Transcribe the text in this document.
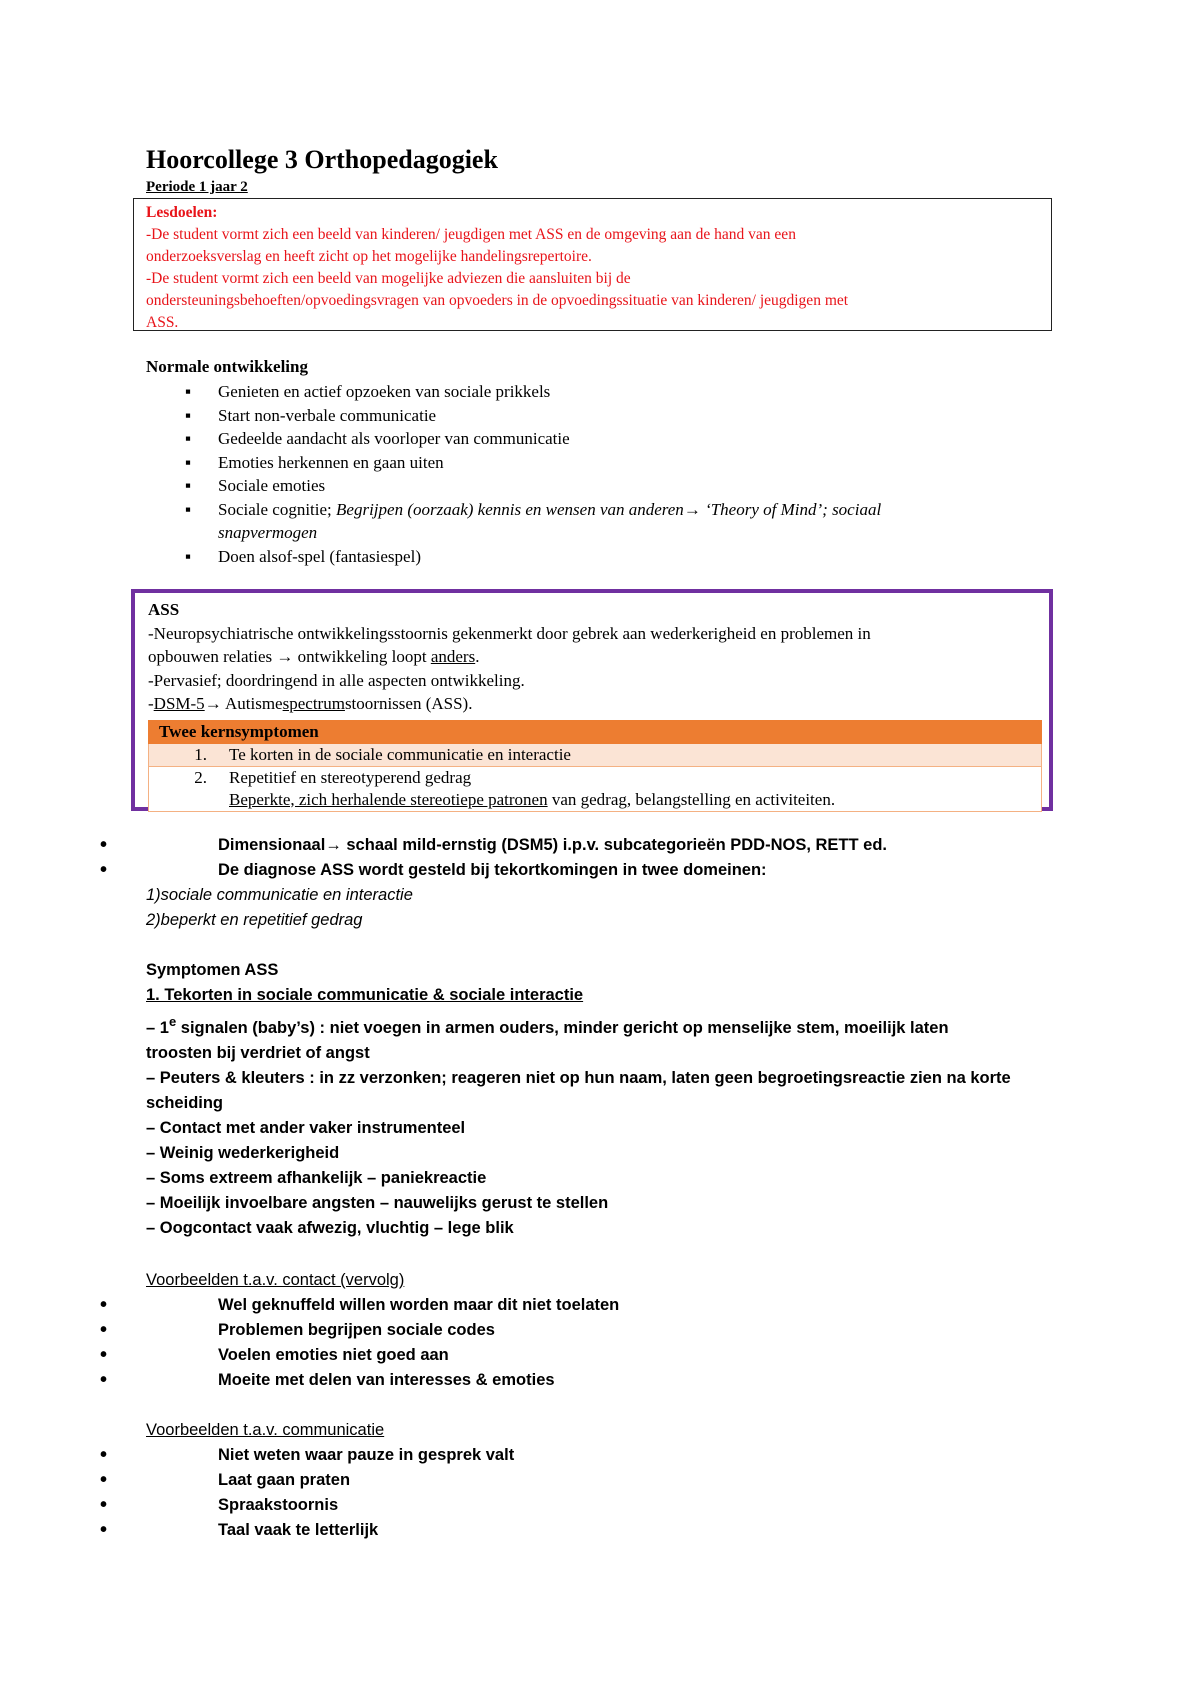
Hoorcollege 3 Orthopedagogiek
Periode 1 jaar 2
Lesdoelen:
-De student vormt zich een beeld van kinderen/ jeugdigen met ASS en de omgeving aan de hand van een
onderzoeksverslag en heeft zicht op het mogelijke handelingsrepertoire.
-De student vormt zich een beeld van mogelijke adviezen die aansluiten bij de
ondersteuningsbehoeften/opvoedingsvragen van opvoeders in de opvoedingssituatie van kinderen/ jeugdigen met
ASS.
Normale ontwikkeling
▪ Genieten en actief opzoeken van sociale prikkels
▪ Start non-verbale communicatie
▪ Gedeelde aandacht als voorloper van communicatie
▪ Emoties herkennen en gaan uiten
▪ Sociale emoties
▪ Sociale cognitie; Begrijpen (oorzaak) kennis en wensen van anderen→ ‘Theory of Mind’; sociaal
snapvermogen
▪ Doen alsof-spel (fantasiespel)
ASS
-Neuropsychiatrische ontwikkelingsstoornis gekenmerkt door gebrek aan wederkerigheid en problemen in
opbouwen relaties → ontwikkeling loopt anders.
-Pervasief; doordringend in alle aspecten ontwikkeling.
-DSM-5→ Autismespectrumstoornissen (ASS).
Twee kernsymptomen
1. Te korten in de sociale communicatie en interactie
2. Repetitief en stereotyperend gedrag
Beperkte, zich herhalende stereotiepe patronen van gedrag, belangstelling en activiteiten.
•	Dimensionaal→ schaal mild-ernstig (DSM5) i.p.v. subcategorieën PDD-NOS, RETT ed.
•	De diagnose ASS wordt gesteld bij tekortkomingen in twee domeinen:
1)sociale communicatie en interactie
2)beperkt en repetitief gedrag
Symptomen ASS
1. Tekorten in sociale communicatie & sociale interactie
– 1e signalen (baby’s) : niet voegen in armen ouders, minder gericht op menselijke stem, moeilijk laten
troosten bij verdriet of angst
– Peuters & kleuters : in zz verzonken; reageren niet op hun naam, laten geen begroetingsreactie zien na korte
scheiding
– Contact met ander vaker instrumenteel
– Weinig wederkerigheid
– Soms extreem afhankelijk – paniekreactie
– Moeilijk invoelbare angsten – nauwelijks gerust te stellen
– Oogcontact vaak afwezig, vluchtig – lege blik
Voorbeelden t.a.v. contact (vervolg)
•	Wel geknuffeld willen worden maar dit niet toelaten
•	Problemen begrijpen sociale codes
•	Voelen emoties niet goed aan
•	Moeite met delen van interesses & emoties
Voorbeelden t.a.v. communicatie
•	Niet weten waar pauze in gesprek valt
•	Laat gaan praten
•	Spraakstoornis
•	Taal vaak te letterlijk
